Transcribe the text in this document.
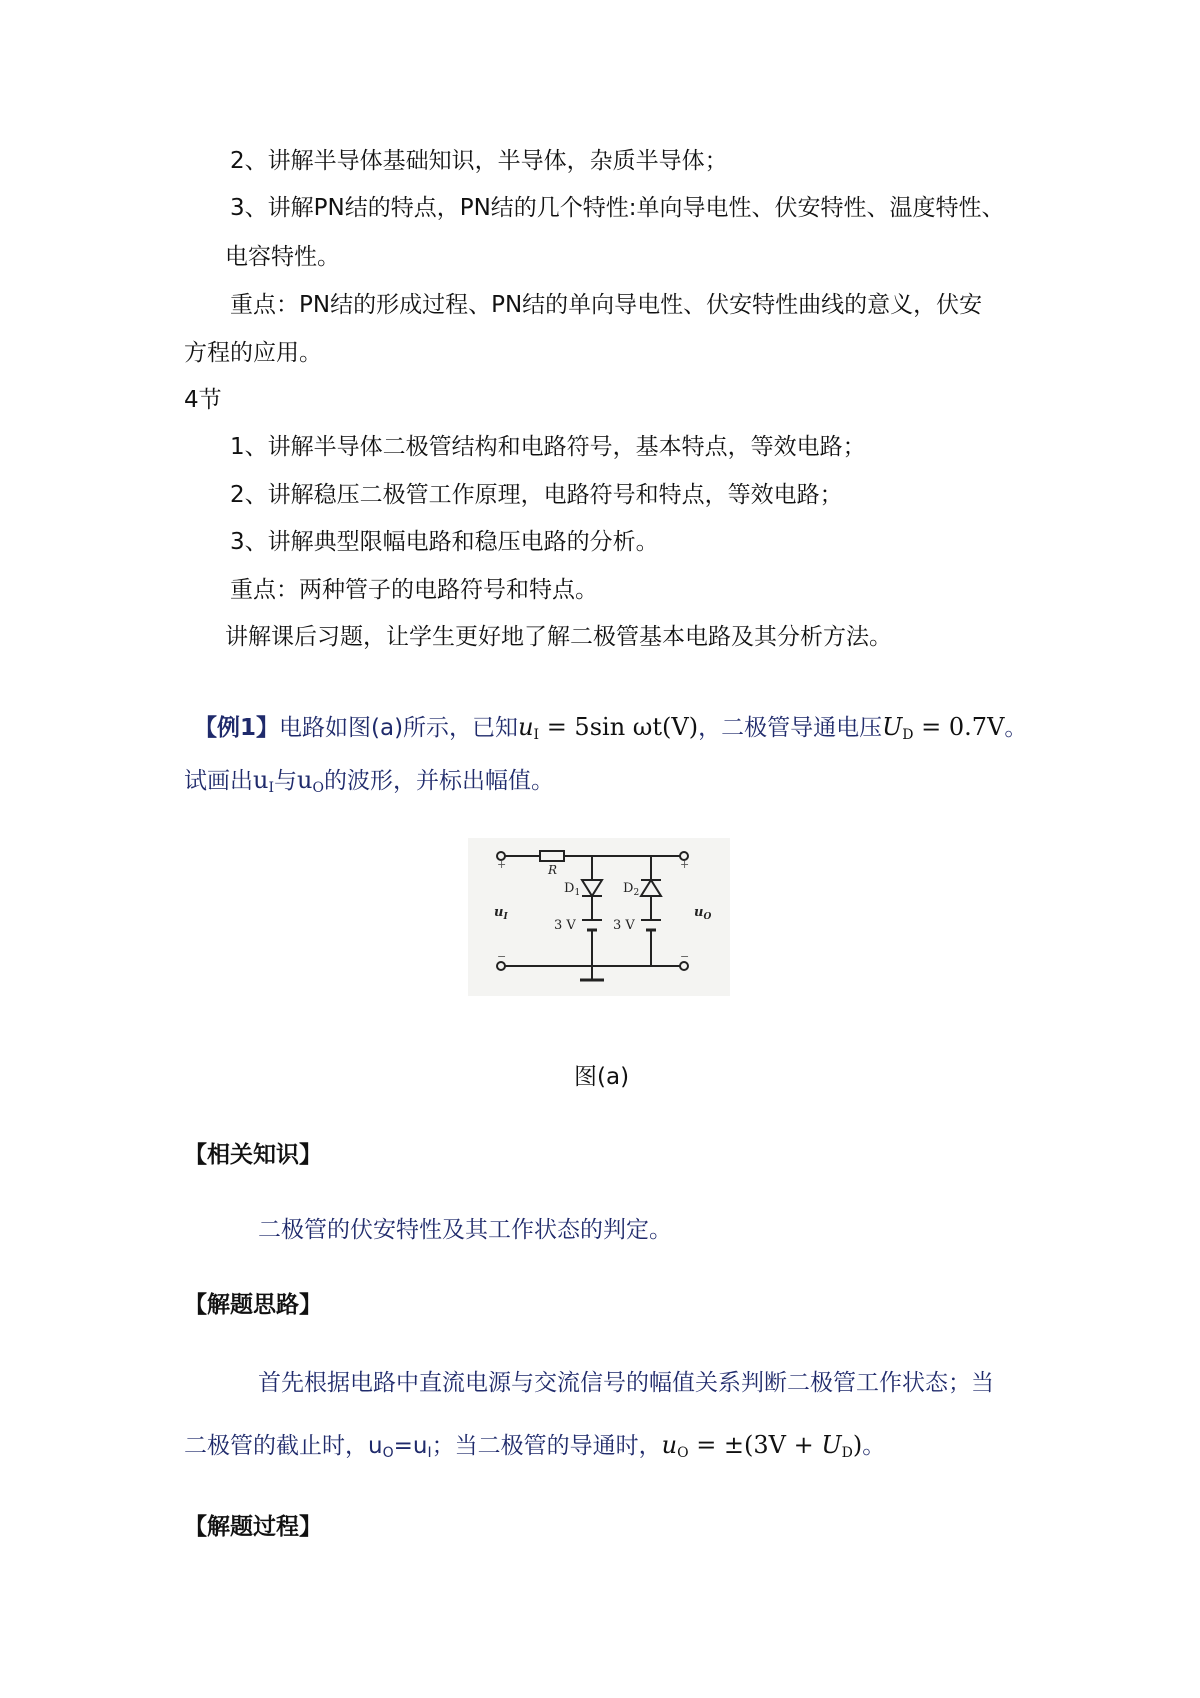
2、讲解半导体基础知识，半导体，杂质半导体；
3、讲解PN结的特点，PN结的几个特性:单向导电性、伏安特性、温度特性、
电容特性。
重点：PN结的形成过程、PN结的单向导电性、伏安特性曲线的意义，伏安
方程的应用。
4节
1、讲解半导体二极管结构和电路符号，基本特点，等效电路；
2、讲解稳压二极管工作原理，电路符号和特点，等效电路；
3、讲解典型限幅电路和稳压电路的分析。
重点：两种管子的电路符号和特点。
讲解课后习题，让学生更好地了解二极管基本电路及其分析方法。
【例1】电路如图(a)所示，已知$u_I = 5\sin$ ωt(V)，二极管导通电压$U_D = 0.7V$。
试画出$u_I$与$u_O$的波形，并标出幅值。
+	+
−	−
R
$D_1$	$D_2$
3 V	3 V
$u_I$	$u_O$
图(a)
【相关知识】
二极管的伏安特性及其工作状态的判定。
【解题思路】
首先根据电路中直流电源与交流信号的幅值关系判断二极管工作状态；当
二极管的截止时，$u_O=u_I$；当二极管的导通时，$u_O = \pm(3V + U_D)$。
【解题过程】
